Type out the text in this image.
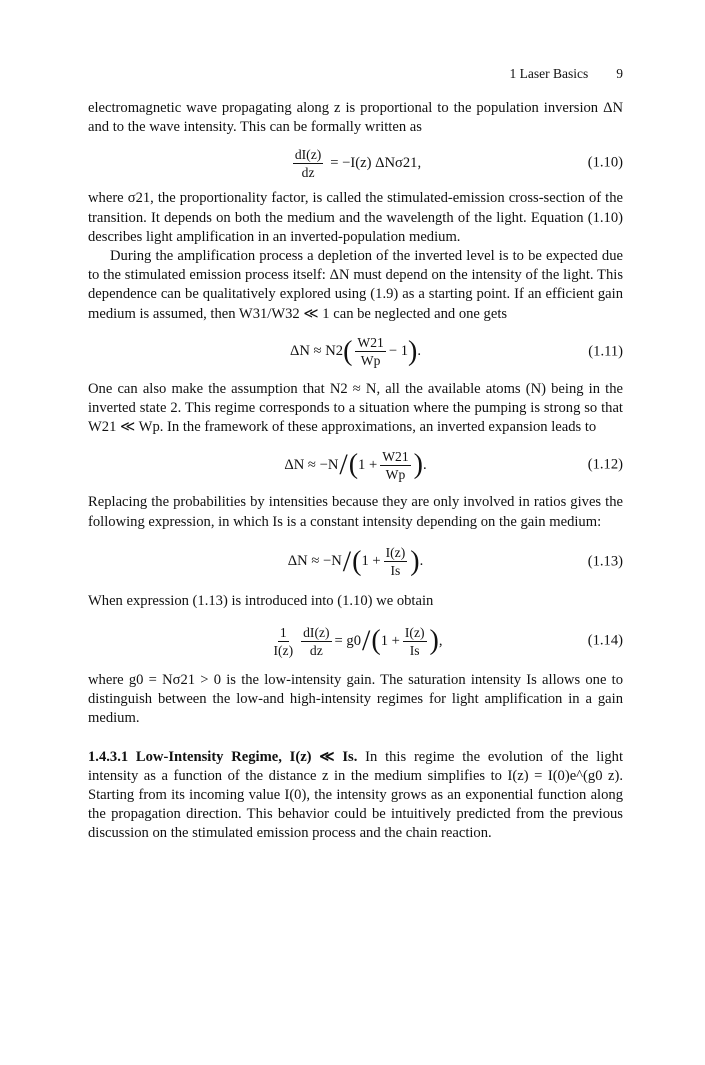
1 Laser Basics 9

electromagnetic wave propagating along z is proportional to the population inversion ΔN and to the wave intensity. This can be formally written as

$\frac{dI(z)}{dz} = -I(z)$ ΔNσ21,	(1.10)

where σ21, the proportionality factor, is called the stimulated-emission cross-section of the transition. It depends on both the medium and the wavelength of the light. Equation (1.10) describes light amplification in an inverted-population medium.

During the amplification process a depletion of the inverted level is to be expected due to the stimulated emission process itself: ΔN must depend on the intensity of the light. This dependence can be qualitatively explored using (1.9) as a starting point. If an efficient gain medium is assumed, then W31/W32 ≪ 1 can be neglected and one gets

ΔN ≈ N2 ( $\frac{W21}{Wp} - 1$ ) .	(1.11)

One can also make the assumption that N2 ≈ N, all the available atoms (N) being in the inverted state 2. This regime corresponds to a situation where the pumping is strong so that W21 ≪ Wp. In the framework of these approximations, an inverted expansion leads to

ΔN ≈ −N / ( $1 + \frac{W21}{Wp}$ ) .	(1.12)

Replacing the probabilities by intensities because they are only involved in ratios gives the following expression, in which Is is a constant intensity depending on the gain medium:

ΔN ≈ −N / ( $1 + \frac{I(z)}{Is}$ ) .	(1.13)

When expression (1.13) is introduced into (1.10) we obtain

$\frac{1}{I(z)} \frac{dI(z)}{dz} = g0$ / ( $1 + \frac{I(z)}{Is}$ ) ,	(1.14)

where g0 = Nσ21 > 0 is the low-intensity gain. The saturation intensity Is allows one to distinguish between the low-and high-intensity regimes for light amplification in a gain medium.

1.4.3.1 Low-Intensity Regime, I(z) ≪ Is. In this regime the evolution of the light intensity as a function of the distance z in the medium simplifies to I(z) = I(0)e^(g0 z). Starting from its incoming value I(0), the intensity grows as an exponential function along the propagation direction. This behavior could be intuitively predicted from the previous discussion on the stimulated emission process and the chain reaction.
